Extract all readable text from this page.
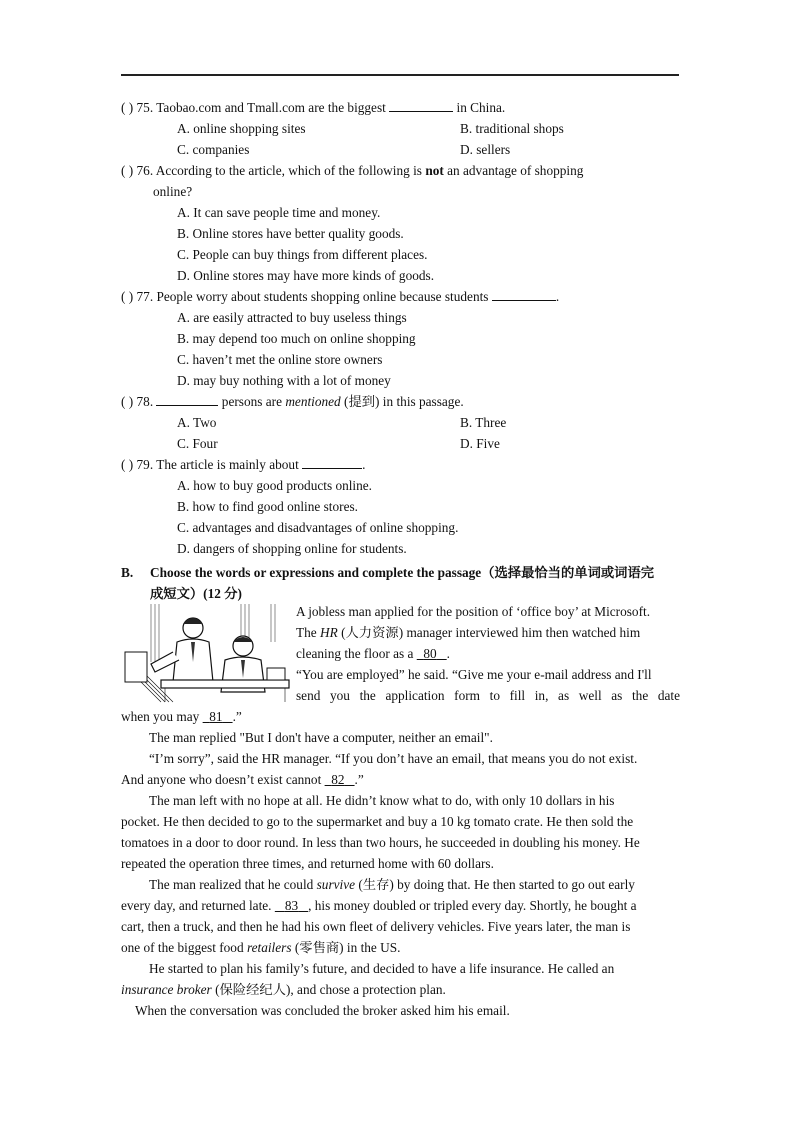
( ) 75. Taobao.com and Tmall.com are the biggest	in China.
A. online shopping sites	B. traditional shops
C. companies	D. sellers
( ) 76. According to the article, which of the following is not an advantage of shopping
online?
A. It can save people time and money.
B. Online stores have better quality goods.
C. People can buy things from different places.
D. Online stores may have more kinds of goods.
( ) 77. People worry about students shopping online because students	.
A. are easily attracted to buy useless things
B. may depend too much on online shopping
C. haven’t met the online store owners
D. may buy nothing with a lot of money
( ) 78.	persons are mentioned (提到) in this passage.
A. Two	B. Three
C. Four	D. Five
( ) 79. The article is mainly about	.
A. how to buy good products online.
B. how to find good online stores.
C. advantages and disadvantages of online shopping.
D. dangers of shopping online for students.
B. Choose the words or expressions and complete the passage（选择最恰当的单词或词语完
成短文）(12 分)
A jobless man applied for the position of ‘office boy’ at Microsoft.
The HR (人力资源) manager interviewed him then watched him
cleaning the floor as a 80 .
“You are employed” he said. “Give me your e-mail address and I'll
send you the application form to fill in, as well as the date
when you may 81 .”
The man replied "But I don't have a computer, neither an email".
“I’m sorry”, said the HR manager. “If you don’t have an email, that means you do not exist.
And anyone who doesn’t exist cannot 82 .”
The man left with no hope at all. He didn’t know what to do, with only 10 dollars in his
pocket. He then decided to go to the supermarket and buy a 10 kg tomato crate. He then sold the
tomatoes in a door to door round. In less than two hours, he succeeded in doubling his money. He
repeated the operation three times, and returned home with 60 dollars.
The man realized that he could survive (生存) by doing that. He then started to go out early
every day, and returned late. 83 , his money doubled or tripled every day. Shortly, he bought a
cart, then a truck, and then he had his own fleet of delivery vehicles. Five years later, the man is
one of the biggest food retailers (零售商) in the US.
He started to plan his family’s future, and decided to have a life insurance. He called an
insurance broker (保险经纪人), and chose a protection plan.
When the conversation was concluded the broker asked him his email.
